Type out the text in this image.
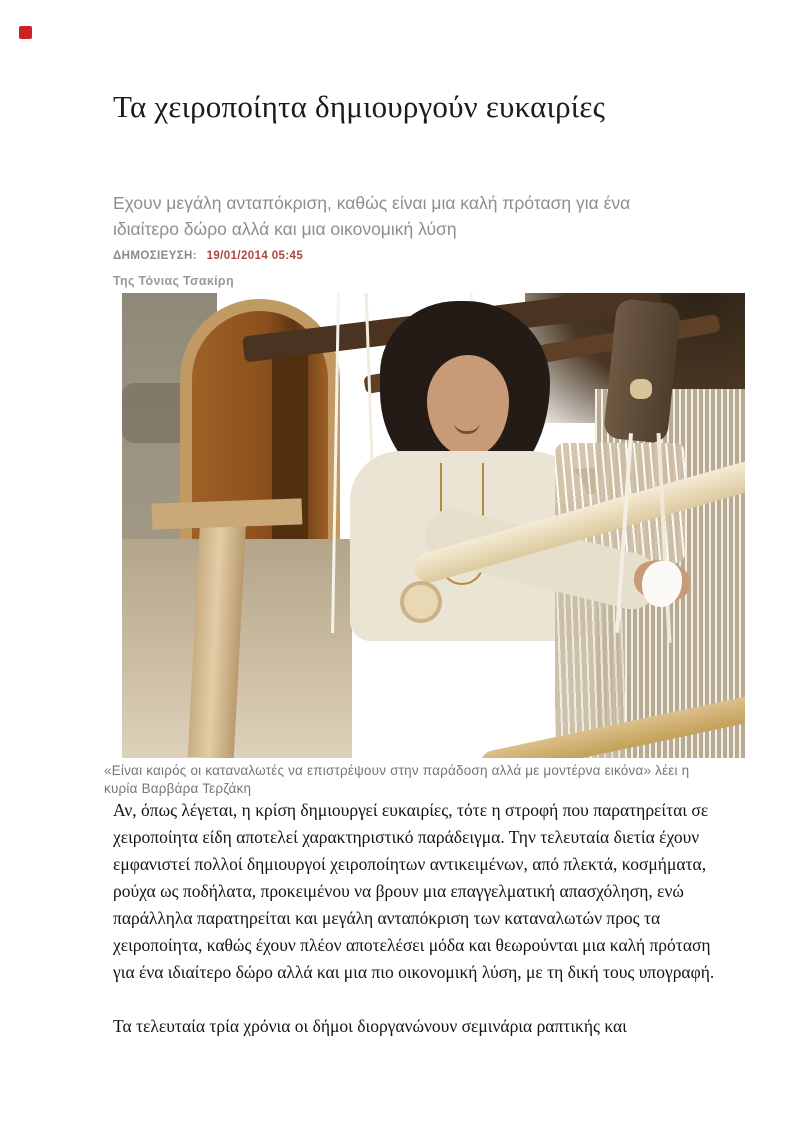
Τα χειροποίητα δημιουργούν ευκαιρίες
Εχουν μεγάλη ανταπόκριση, καθώς είναι μια καλή πρόταση για ένα ιδιαίτερο δώρο αλλά και μια οικονομική λύση
ΔΗΜΟΣΙΕΥΣΗ: 19/01/2014 05:45
Της Τόνιας Τσακίρη
«Είναι καιρός οι καταναλωτές να επιστρέψουν στην παράδοση αλλά με μοντέρνα εικόνα» λέει η κυρία Βαρβάρα Τερζάκη

Αν, όπως λέγεται, η κρίση δημιουργεί ευκαιρίες, τότε η στροφή που παρατηρείται σε χειροποίητα είδη αποτελεί χαρακτηριστικό παράδειγμα. Την τελευταία διετία έχουν εμφανιστεί πολλοί δημιουργοί χειροποίητων αντικειμένων, από πλεκτά, κοσμήματα, ρούχα ως ποδήλατα, προκειμένου να βρουν μια επαγγελματική απασχόληση, ενώ παράλληλα παρατηρείται και μεγάλη ανταπόκριση των καταναλωτών προς τα χειροποίητα, καθώς έχουν πλέον αποτελέσει μόδα και θεωρούνται μια καλή πρόταση για ένα ιδιαίτερο δώρο αλλά και μια πιο οικονομική λύση, με τη δική τους υπογραφή.

Τα τελευταία τρία χρόνια οι δήμοι διοργανώνουν σεμινάρια ραπτικής και
